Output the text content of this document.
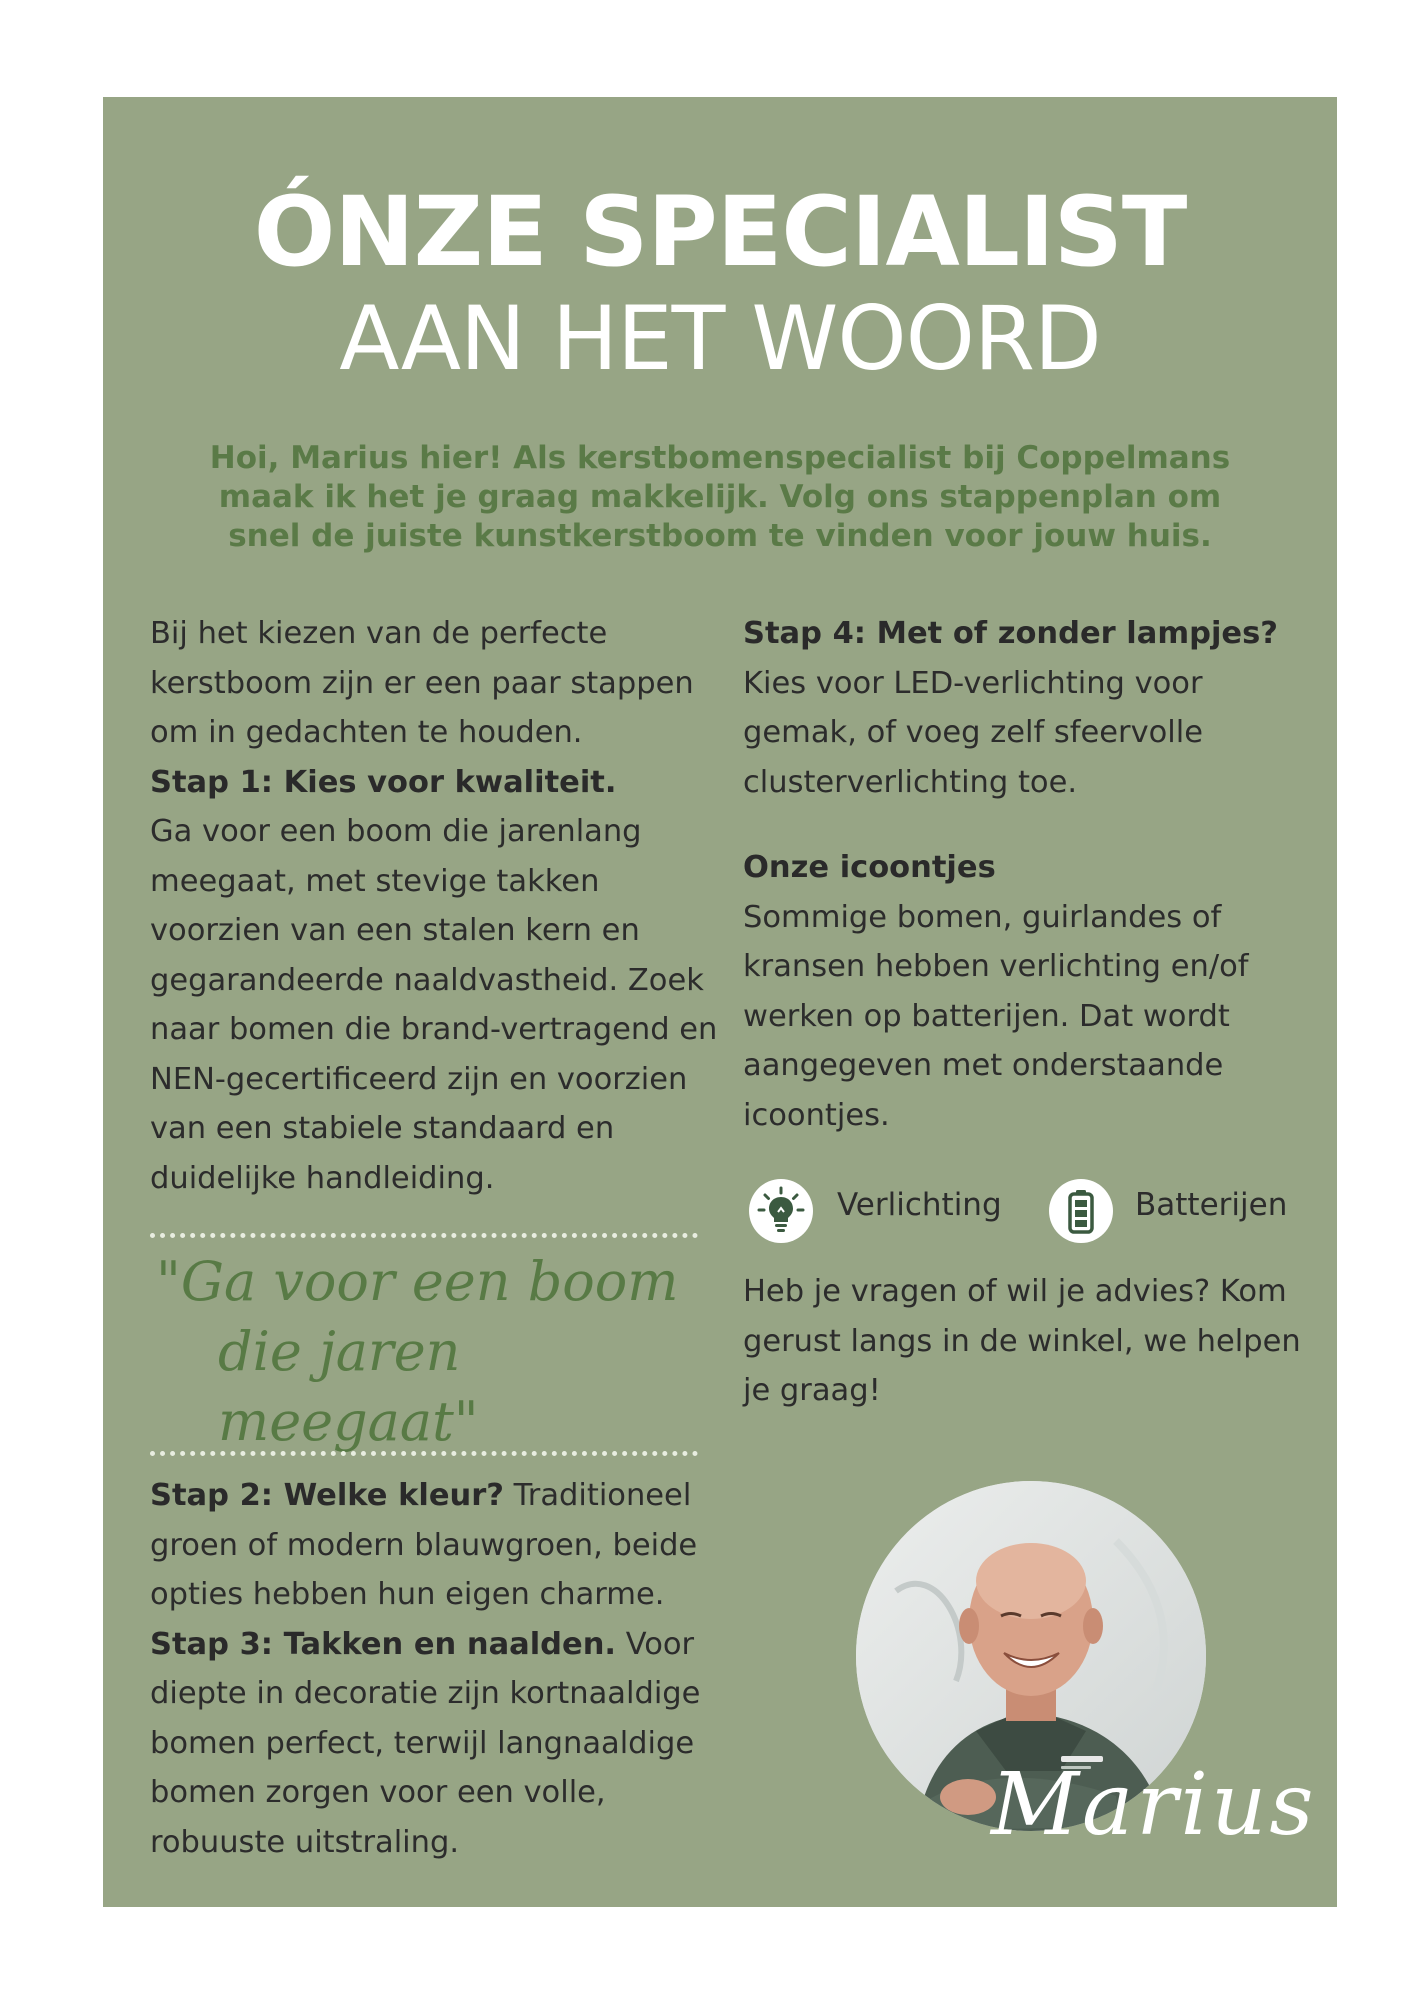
ÓNZE SPECIALIST
AAN HET WOORD

Hoi, Marius hier! Als kerstbomenspecialist bij Coppelmans maak ik het je graag makkelijk. Volg ons stappenplan om snel de juiste kunstkerstboom te vinden voor jouw huis.

Bij het kiezen van de perfecte kerstboom zijn er een paar stappen om in gedachten te houden.

Stap 1: Kies voor kwaliteit.

Ga voor een boom die jarenlang meegaat, met stevige takken voorzien van een stalen kern en gegarandeerde naaldvastheid. Zoek naar bomen die brand-vertragend en NEN-gecertificeerd zijn en voorzien van een stabiele standaard en duidelijke handleiding.

"Ga voor een boom
die jaren meegaat"

Stap 2: Welke kleur? Traditioneel groen of modern blauwgroen, beide opties hebben hun eigen charme. Stap 3: Takken en naalden. Voor diepte in decoratie zijn kortnaaldige bomen perfect, terwijl langnaaldige bomen zorgen voor een volle, robuuste uitstraling.

Stap 4: Met of zonder lampjes?

Kies voor LED-verlichting voor gemak, of voeg zelf sfeervolle clusterverlichting toe.

Onze icoontjes

Sommige bomen, guirlandes of kransen hebben verlichting en/of werken op batterijen. Dat wordt aangegeven met onderstaande icoontjes.

Verlichting	Batterijen

Heb je vragen of wil je advies? Kom gerust langs in de winkel, we helpen je graag!

Marius
